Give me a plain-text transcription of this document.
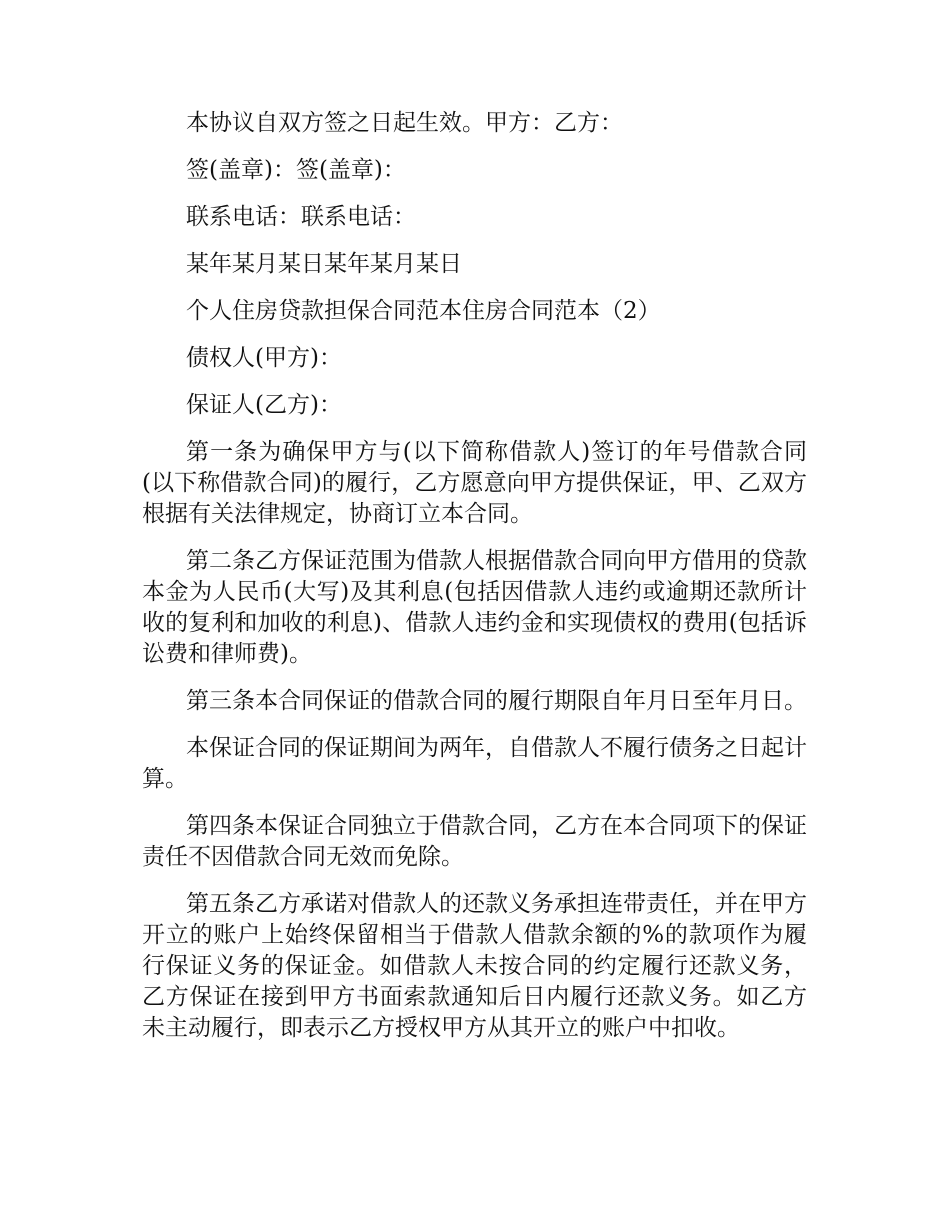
本协议自双方签之日起生效。甲方：乙方：

签(盖章)：签(盖章)：

联系电话：联系电话：

某年某月某日某年某月某日

个人住房贷款担保合同范本住房合同范本（2）

债权人(甲方)：

保证人(乙方)：

第一条为确保甲方与(以下简称借款人)签订的年号借款合同(以下称借款合同)的履行，乙方愿意向甲方提供保证，甲、乙双方根据有关法律规定，协商订立本合同。

第二条乙方保证范围为借款人根据借款合同向甲方借用的贷款本金为人民币(大写)及其利息(包括因借款人违约或逾期还款所计收的复利和加收的利息)、借款人违约金和实现债权的费用(包括诉讼费和律师费)。

第三条本合同保证的借款合同的履行期限自年月日至年月日。

本保证合同的保证期间为两年，自借款人不履行债务之日起计算。

第四条本保证合同独立于借款合同，乙方在本合同项下的保证责任不因借款合同无效而免除。

第五条乙方承诺对借款人的还款义务承担连带责任，并在甲方开立的账户上始终保留相当于借款人借款余额的%的款项作为履行保证义务的保证金。如借款人未按合同的约定履行还款义务，乙方保证在接到甲方书面索款通知后日内履行还款义务。如乙方未主动履行，即表示乙方授权甲方从其开立的账户中扣收。
